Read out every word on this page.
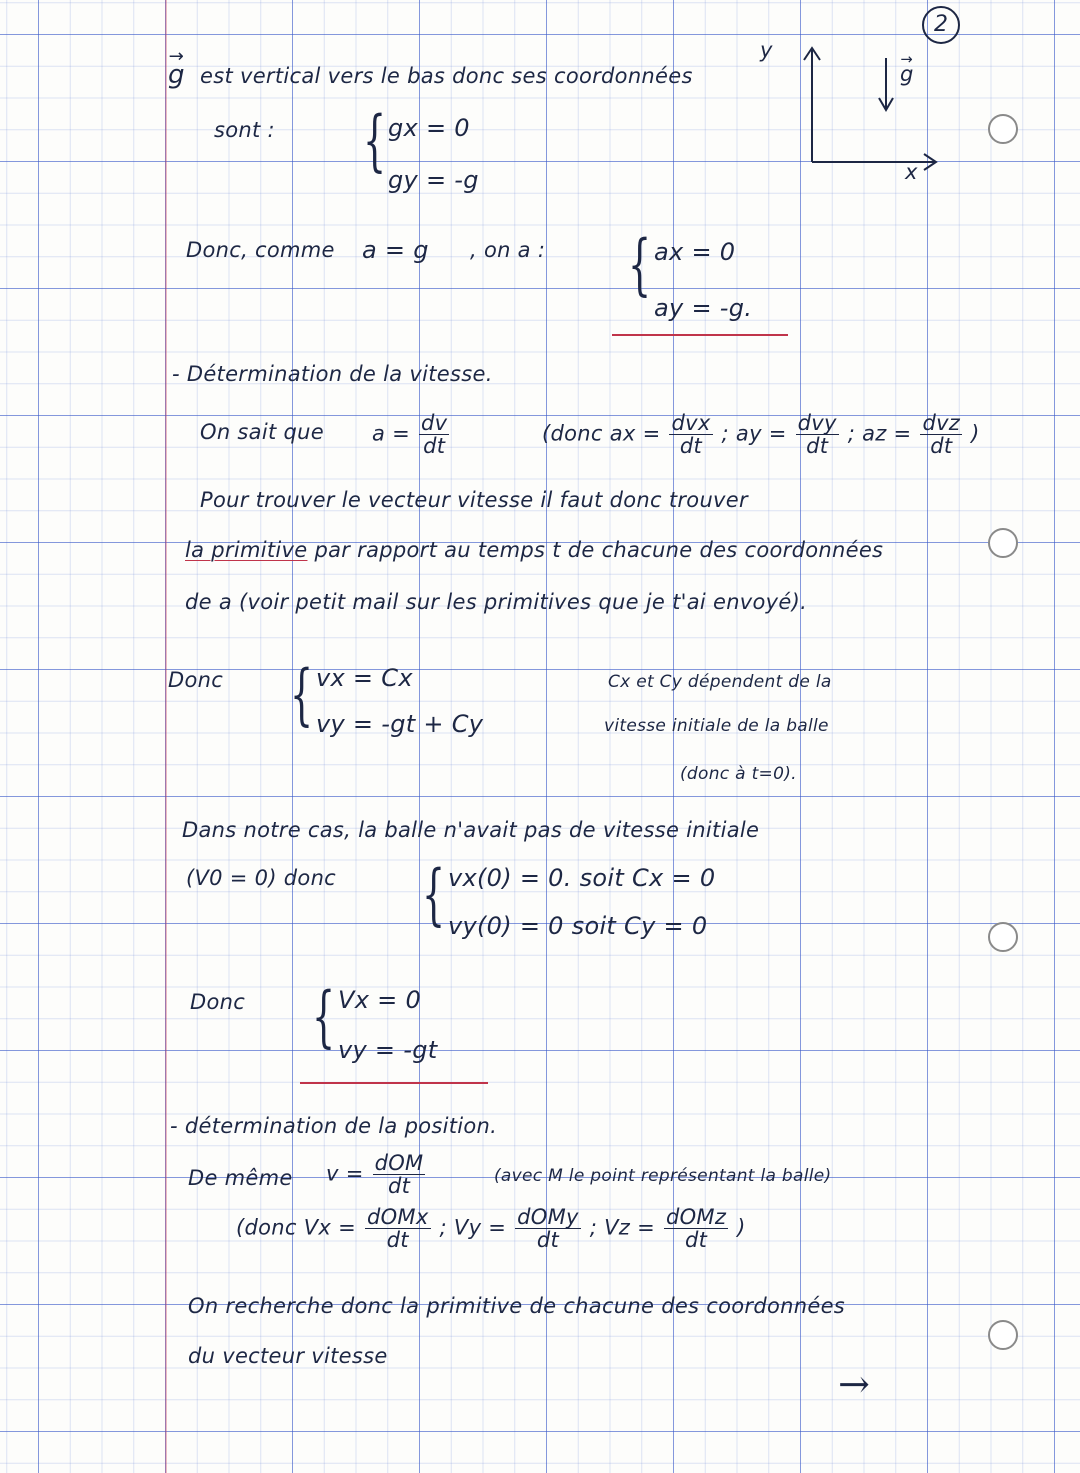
2
y
x
→ g
→ g est vertical vers le bas donc ses coordonnées
sont : { gx = 0
gy = -g
Donc, comme a = g , on a : { ax = 0
ay = -g.
- Détermination de la vitesse.
On sait que $a = \frac{dv}{dt}$	(donc ax = $\frac{\text{dvx}}{dt}$ ; ay = $\frac{\text{dvy}}{dt}$ ; az = $\frac{\text{dvz}}{dt}$ )
Pour trouver le vecteur vitesse il faut donc trouver
la primitive par rapport au temps t de chacune des coordonnées
de a (voir petit mail sur les primitives que je t'ai envoyé).
Donc { vx = Cx
vy = -gt + Cy
Cx et Cy dépendent de la
vitesse initiale de la balle
(donc à t=0).
Dans notre cas, la balle n'avait pas de vitesse initiale
(V0 = 0) donc { vx(0) = 0. soit Cx = 0
vy(0) = 0 soit Cy = 0
Donc { Vx = 0
vy = -gt
- détermination de la position.
De même $v = \frac{\text{dOM}}{dt}$	(avec M le point représentant la balle)
(donc $Vx = \frac{\text{dOMx}}{dt}$ ; $Vy = \frac{\text{dOMy}}{dt}$ ; $Vz = \frac{\text{dOMz}}{dt}$ )
On recherche donc la primitive de chacune des coordonnées
du vecteur vitesse
→
